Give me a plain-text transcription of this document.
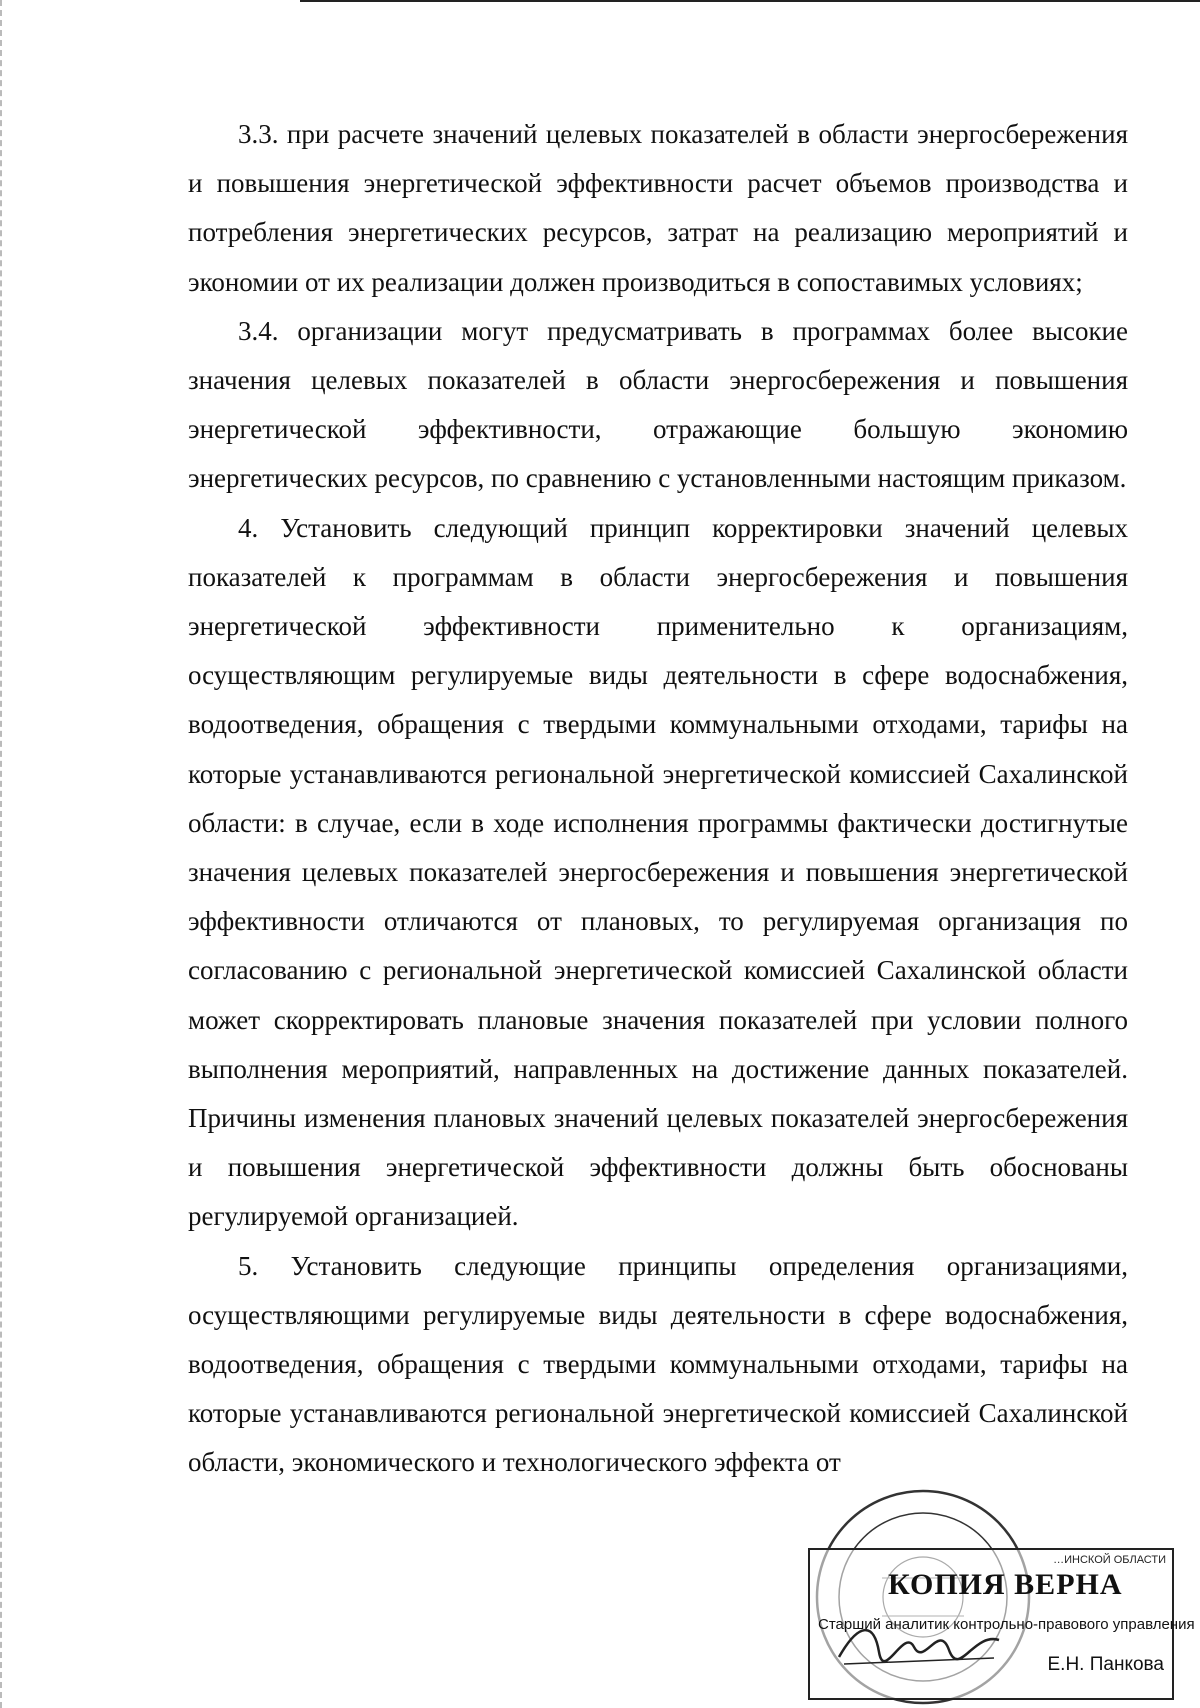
3.3. при расчете значений целевых показателей в области энергосбережения и повышения энергетической эффективности расчет объемов производства и потребления энергетических ресурсов, затрат на реализацию мероприятий и экономии от их реализации должен производиться в сопоставимых условиях;

3.4. организации могут предусматривать в программах более высокие значения целевых показателей в области энергосбережения и повышения энергетической эффективности, отражающие большую экономию энергетических ресурсов, по сравнению с установленными настоящим приказом.

4. Установить следующий принцип корректировки значений целевых показателей к программам в области энергосбережения и повышения энергетической эффективности применительно к организациям, осуществляющим регулируемые виды деятельности в сфере водоснабжения, водоотведения, обращения с твердыми коммунальными отходами, тарифы на которые устанавливаются региональной энергетической комиссией Сахалинской области: в случае, если в ходе исполнения программы фактически достигнутые значения целевых показателей энергосбережения и повышения энергетической эффективности отличаются от плановых, то регулируемая организация по согласованию с региональной энергетической комиссией Сахалинской области может скорректировать плановые значения показателей при условии полного выполнения мероприятий, направленных на достижение данных показателей. Причины изменения плановых значений целевых показателей энергосбережения и повышения энергетической эффективности должны быть обоснованы регулируемой организацией.

5. Установить следующие принципы определения организациями, осуществляющими регулируемые виды деятельности в сфере водоснабжения, водоотведения, обращения с твердыми коммунальными отходами, тарифы на которые устанавливаются региональной энергетической комиссией Сахалинской области, экономического и технологического эффекта от

…ИНСКОЙ ОБЛАСТИ
КОПИЯ ВЕРНА
Старший аналитик контрольно-правового управления
Е.Н. Панкова
